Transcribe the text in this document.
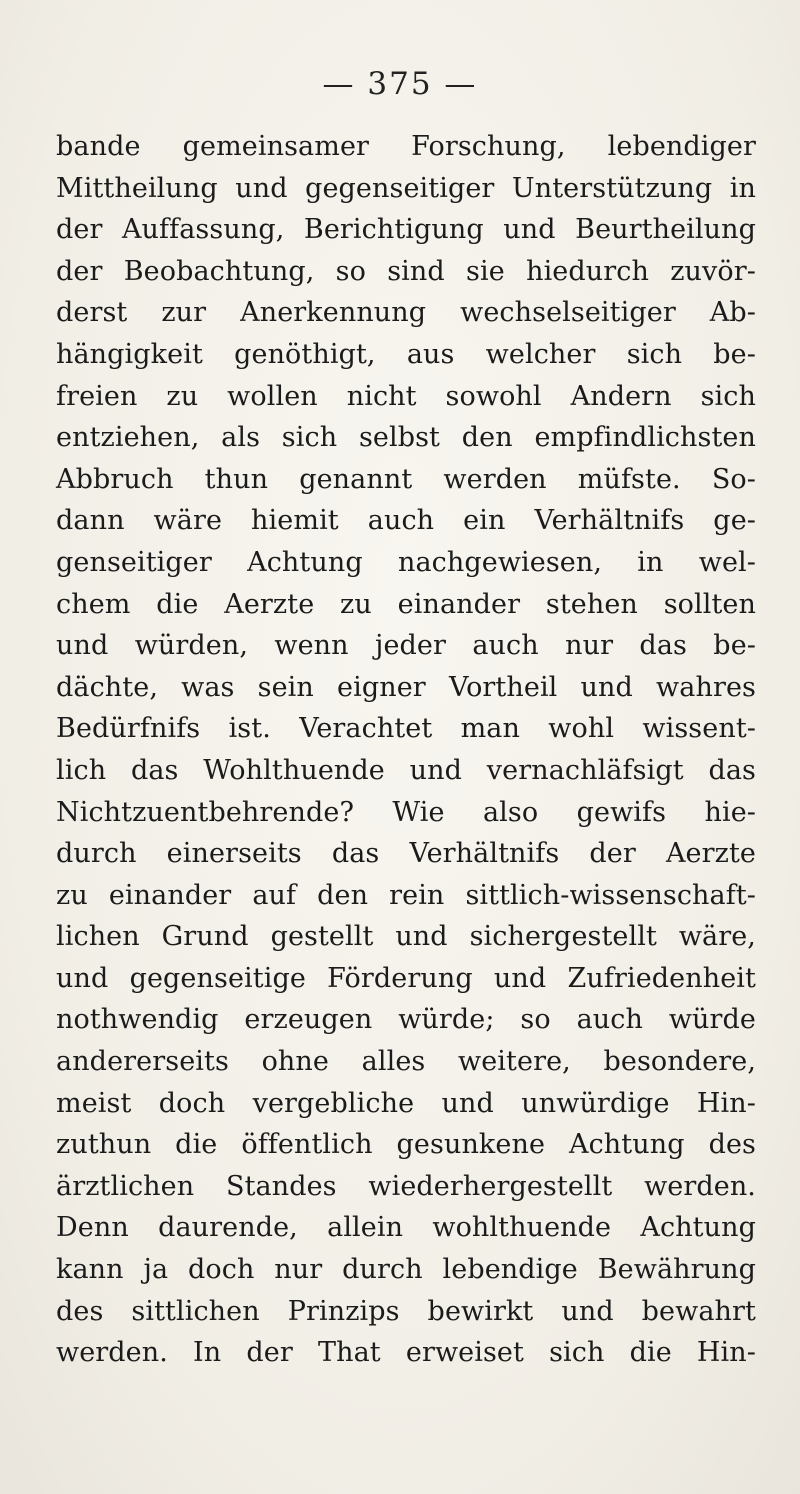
— 375 —
bande gemeinsamer Forschung, lebendiger
Mittheilung und gegenseitiger Unterstützung in
der Auffassung, Berichtigung und Beurtheilung
der Beobachtung, so sind sie hiedurch zuvör-
derst zur Anerkennung wechselseitiger Ab-
hängigkeit genöthigt, aus welcher sich be-
freien zu wollen nicht sowohl Andern sich
entziehen, als sich selbst den empfindlichsten
Abbruch thun genannt werden müfste. So-
dann wäre hiemit auch ein Verhältnifs ge-
genseitiger Achtung nachgewiesen, in wel-
chem die Aerzte zu einander stehen sollten
und würden, wenn jeder auch nur das be-
dächte, was sein eigner Vortheil und wahres
Bedürfnifs ist. Verachtet man wohl wissent-
lich das Wohlthuende und vernachläfsigt das
Nichtzuentbehrende? Wie also gewifs hie-
durch einerseits das Verhältnifs der Aerzte
zu einander auf den rein sittlich-wissenschaft-
lichen Grund gestellt und sichergestellt wäre,
und gegenseitige Förderung und Zufriedenheit
nothwendig erzeugen würde; so auch würde
andererseits ohne alles weitere, besondere,
meist doch vergebliche und unwürdige Hin-
zuthun die öffentlich gesunkene Achtung des
ärztlichen Standes wiederhergestellt werden.
Denn daurende, allein wohlthuende Achtung
kann ja doch nur durch lebendige Bewährung
des sittlichen Prinzips bewirkt und bewahrt
werden. In der That erweiset sich die Hin-
